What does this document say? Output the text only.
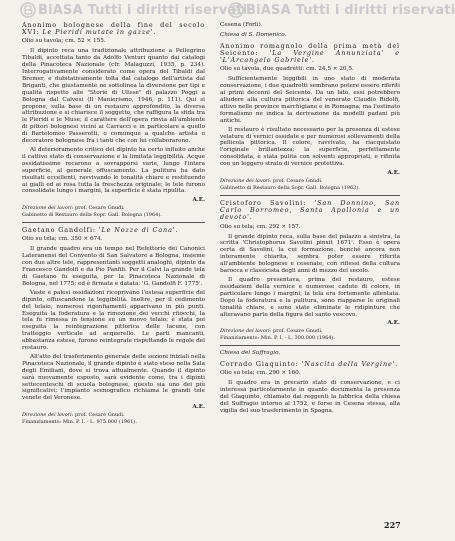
BiASA Tutti i diritti riservati
BiASA Tutti i diritti riservati
Anonimo bolognese della fine del secolo XVI: Le Pieridi mutate in gazze'.
Olio su tavola; cm. 52 × 155.

Il dipinto reca una tradizionale attribuzione a Pellegrino Tibaldi, accettata tanto da Adolfo Venturi quanto dai catalogi della Pinacoteca Nazionale (cfr. Malaguzzi, 1935, p. 234). Interrogativamente considerato come opera del Tibaldi dal Bremer, e dubitativamente tolta dal catalogo dell'artista dal Briganti, che giustamente ne sottolinea la diversione per tipi e qualità rispetto alle "Storie di Ulisse" di palazzo Poggi a Bologna dal Calvesi (Il Manierismo, 1946, p. 111). Qui si propone, sulla base di un restauro approfondito, la diversa attribuzione e si chiarisce il soggetto, che raffigura la sfida tra le Pieridi e le Muse; il carattere dell'opera rinvia all'ambiente di pittori bolognesi vicini ai Carracci e in particolare a quello di Bartolomeo Passerotti, o comunque a qualche artista o decoratore bolognese fra i tanti che con lui collaborarono.

Al deterioramento critico del dipinto ha certo influito anche il cattivo stato di conservazione e la limitata leggibilità. Acque ossidatissime recarono a sovrapporsi varie, lungo l'intera superficie, al generale offuscamento. La pulitura ha dato risultati eccellenti, ravvivando le tonalità chiare e restituendo ai gialli ed ai rosa tutta la freschezza originale; le tele furono consolidate lungo i margini, la superficie è stata ripulita.

A.E.
Direzione dei lavori: prof. Cesare Gnudi.
Gabinetto di Restauro della Sopr. Gall. Bologna (1964).
Gaetano Gandolfi: 'Le Nozze di Cana'.
Olio su tela; cm. 350 × 674.

Il grande quadro era un tempo nel Refettorio dei Canonici Lateranensi del Convento di San Salvatore a Bologna, insieme con due altre tele, rappresentanti soggetti analoghi, dipinte da Francesco Gandolfi e da Pio Panfili. Per il Calvi la grande tela di Gaetano fu eseguita, per la Pinacoteca Nazionale di Bologna, nel 1775; ed è firmata e datata: 'G. Gandolfi F. 1775'.

Vaste e palesi ossidazioni ricoprivano l'estesa superficie del dipinto, offuscandone la leggibilità. Inoltre, per il cedimento del telaio, numerosi rigonfiamenti apparivano in più punti. Eseguita la foderatura e la rimozione dei vecchi ritocchi, la tela fu rimessa in tensione su un nuovo telaio; è stata poi eseguita la reintegrazione pittorica delle lacune, con tratteggio verticale ad acquerello. Le parti mancanti, abbastanza estese, furono reintegrate rispettando le regole del restauro.

All'atto del trasferimento generale delle sezioni iniziali nella Pinacoteca Nazionale, il grande dipinto è stato steso nella Sala degli Emiliani, dove si trova attualmente. Quando il dipinto sarà nuovamente esposto, sarà evidente come, tra i dipinti settecenteschi di scuola bolognese, questo sia uno dei più significativi; l'impianto scenografico richiama le grandi tele venete del Veronese.

A.E.
Direzione dei lavori: prof. Cesare Gnudi.
Finanziamento: Min. P. I. - L. 975.000 (1961).
Cesena (Forlì).
Chiesa di S. Domenico.
Anonimo romagnolo della prima metà del Seicento: 'La Vergine Annunziata' e 'L'Arcangelo Gabriele'.
Olio su tavola, due quadretti: cm. 24,5 × 20,5.

Sufficientemente leggibili in uno stato di moderata conservazione, i due quadretti sembrano potere essere riferiti ai primi decenni del Seicento. Da un lato, essi potrebbero alludere alla cultura pittorica del venerato Claudio Ridolfi, attivo nelle province marchigiane e in Romagna; ma l'ostinato formalismo ne indica la derivazione da modelli padani più antichi.

Il restauro è risultato necessario per la presenza di estese velature di vernici ossidate e per numerosi sollevamenti della pellicola pittorica. Il colore, ravvivato, ha riacquistato l'originale brillantezza; la superficie, perfettamente consolidata, è stata pulita con solventi appropriati, e rifinita con un leggero strato di vernice protettiva.

A.E.
Direzione dei lavori: prof. Cesare Gnudi.
Gabinetto di Restauro della Sopr. Gall. Bologna (1963).
Cristoforo Savolini: 'San Donnino, San Carlo Borromeo, Santa Apollonia e un devoto'.
Olio su tela; cm. 292 × 157.

Il grande dipinto reca, sulla base del palazzo a sinistra, la scritta 'Christophorus Savolini pinxit 1671'. Esso è opera certa di Savolini, la cui formazione, benché ancora non interamente chiarita, sembra poter essere riferita all'ambiente bolognese e cesenate, con riflessi della cultura barocca e classicista degli anni di mezzo del secolo.

Il quadro presentava, prima del restauro, estese ossidazioni della vernice e numerose cadute di colore, in particolare lungo i margini; la tela era fortemente allentata. Dopo la foderatura e la pulitura, sono riapparse le originali tonalità chiare, e sono state eliminate le ridipinture che alteravano parte della figura del santo vescovo.

A.E.
Direzione dei lavori: prof. Cesare Gnudi.
Finanziamento: Min. P. I. - L. 300.000 (1964).
Chiesa del Suffragio.
Corrado Giaquinto: 'Nascita della Vergine'.
Olio su tela; cm. 290 × 160.

Il quadro era in precario stato di conservazione, e ci interessa particolarmente in quanto documenta la presenza del Giaquinto, chiamato dai reggenti la fabbrica della chiesa del Suffragio intorno al 1752, e forse in Cesena stessa, alla vigilia del suo trasferimento in Spagna.

227
